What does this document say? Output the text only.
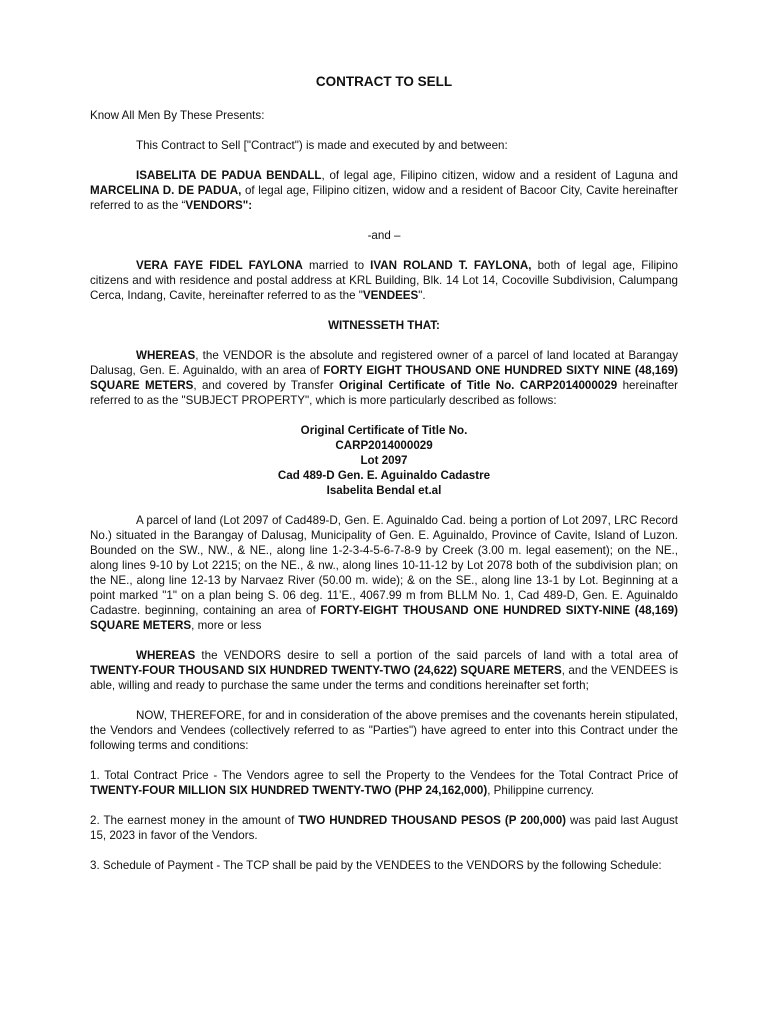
CONTRACT TO SELL

Know All Men By These Presents:

This Contract to Sell ["Contract") is made and executed by and between:

ISABELITA DE PADUA BENDALL, of legal age, Filipino citizen, widow and a resident of Laguna and MARCELINA D. DE PADUA, of legal age, Filipino citizen, widow and a resident of Bacoor City, Cavite hereinafter referred to as the “VENDORS":

-and –

VERA FAYE FIDEL FAYLONA married to IVAN ROLAND T. FAYLONA, both of legal age, Filipino citizens and with residence and postal address at KRL Building, Blk. 14 Lot 14, Cocoville Subdivision, Calumpang Cerca, Indang, Cavite, hereinafter referred to as the "VENDEES".

WITNESSETH THAT:

WHEREAS, the VENDOR is the absolute and registered owner of a parcel of land located at Barangay Dalusag, Gen. E. Aguinaldo, with an area of FORTY EIGHT THOUSAND ONE HUNDRED SIXTY NINE (48,169) SQUARE METERS, and covered by Transfer Original Certificate of Title No. CARP2014000029 hereinafter referred to as the "SUBJECT PROPERTY", which is more particularly described as follows:

Original Certificate of Title No.
CARP2014000029
Lot 2097
Cad 489-D Gen. E. Aguinaldo Cadastre
Isabelita Bendal et.al

A parcel of land (Lot 2097 of Cad489-D, Gen. E. Aguinaldo Cad. being a portion of Lot 2097, LRC Record No.) situated in the Barangay of Dalusag, Municipality of Gen. E. Aguinaldo, Province of Cavite, Island of Luzon. Bounded on the SW., NW., & NE., along line 1-2-3-4-5-6-7-8-9 by Creek (3.00 m. legal easement); on the NE., along lines 9-10 by Lot 2215; on the NE., & nw., along lines 10-11-12 by Lot 2078 both of the subdivision plan; on the NE., along line 12-13 by Narvaez River (50.00 m. wide); & on the SE., along line 13-1 by Lot. Beginning at a point marked "1" on a plan being S. 06 deg. 11’E., 4067.99 m from BLLM No. 1, Cad 489-D, Gen. E. Aguinaldo Cadastre. beginning, containing an area of FORTY-EIGHT THOUSAND ONE HUNDRED SIXTY-NINE (48,169) SQUARE METERS, more or less

WHEREAS the VENDORS desire to sell a portion of the said parcels of land with a total area of TWENTY-FOUR THOUSAND SIX HUNDRED TWENTY-TWO (24,622) SQUARE METERS, and the VENDEES is able, willing and ready to purchase the same under the terms and conditions hereinafter set forth;

NOW, THEREFORE, for and in consideration of the above premises and the covenants herein stipulated, the Vendors and Vendees (collectively referred to as "Parties") have agreed to enter into this Contract under the following terms and conditions:

1. Total Contract Price - The Vendors agree to sell the Property to the Vendees for the Total Contract Price of TWENTY-FOUR MILLION SIX HUNDRED TWENTY-TWO (PHP 24,162,000), Philippine currency.

2. The earnest money in the amount of TWO HUNDRED THOUSAND PESOS (P 200,000) was paid last August 15, 2023 in favor of the Vendors.

3. Schedule of Payment - The TCP shall be paid by the VENDEES to the VENDORS by the following Schedule:
